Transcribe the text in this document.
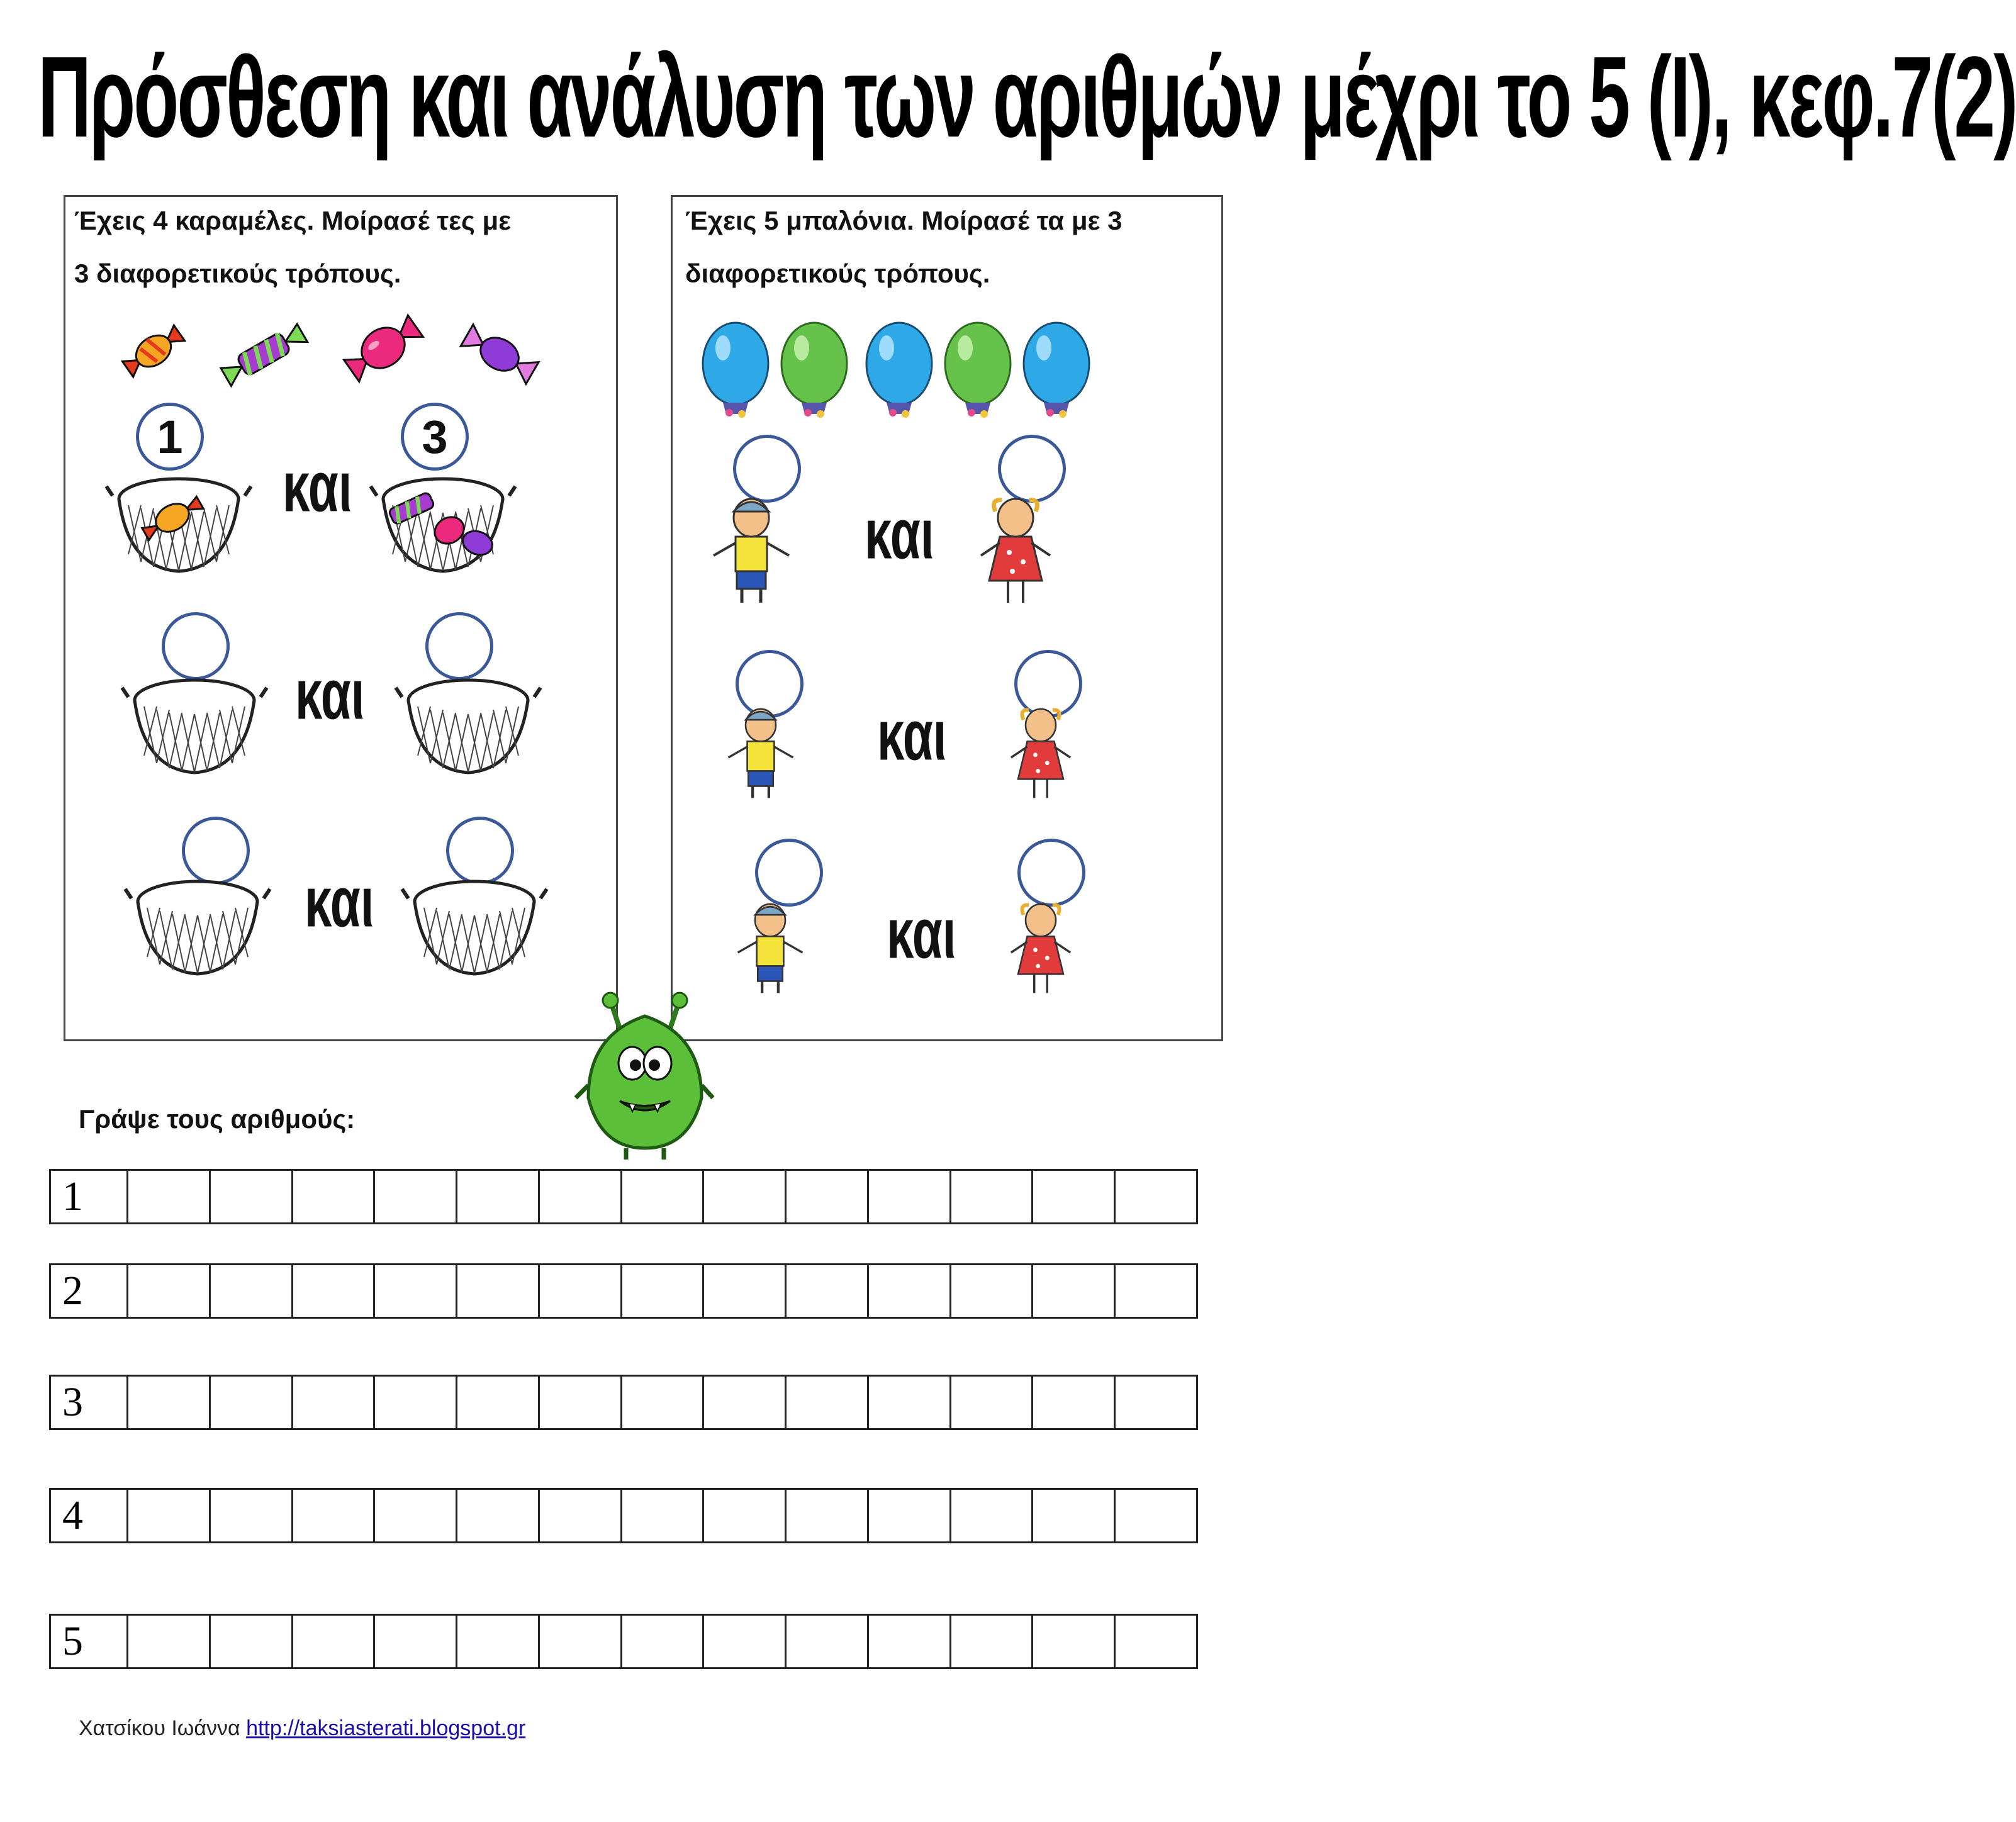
Πρόσθεση και ανάλυση των αριθμών μέχρι το 5 (Ι), κεφ.7(2)
Έχεις 4 καραμέλες. Μοίρασέ τες με
3 διαφορετικούς τρόπους.
1	3
και
και
και
Έχεις 5 μπαλόνια. Μοίρασέ τα με 3
διαφορετικούς τρόπους.
και
και
και
Γράψε τους αριθμούς:
1
2
3
4
5
Χατσίκου Ιωάννα http://taksiasterati.blogspot.gr
